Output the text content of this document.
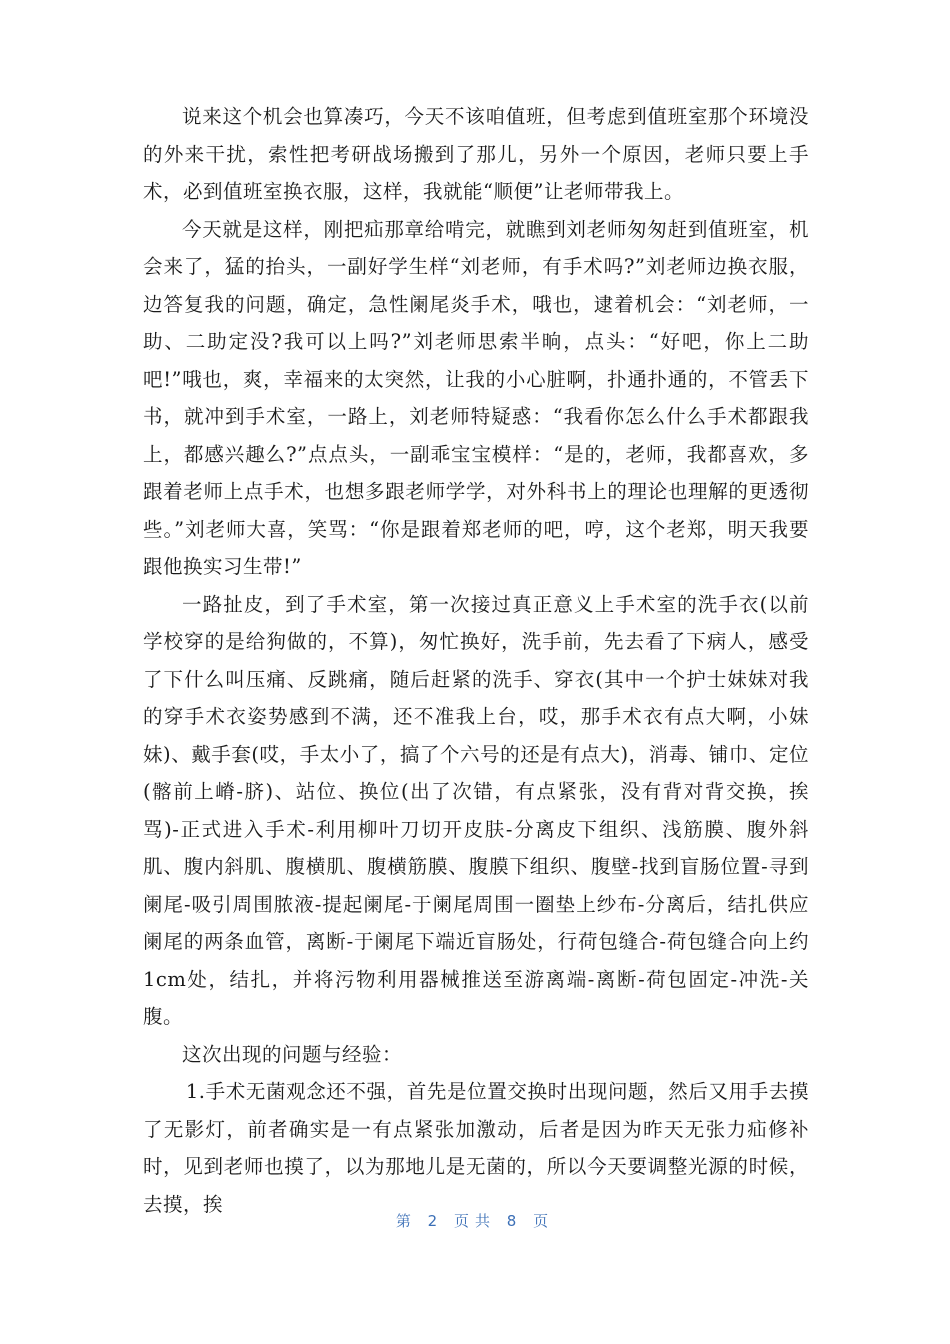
说来这个机会也算凑巧，今天不该咱值班，但考虑到值班室那个环境没的外来干扰，索性把考研战场搬到了那儿，另外一个原因，老师只要上手术，必到值班室换衣服，这样，我就能“顺便”让老师带我上。

今天就是这样，刚把疝那章给啃完，就瞧到刘老师匆匆赶到值班室，机会来了，猛的抬头，一副好学生样“刘老师，有手术吗?”刘老师边换衣服，边答复我的问题，确定，急性阑尾炎手术，哦也，逮着机会：“刘老师，一助、二助定没?我可以上吗?”刘老师思索半晌，点头：“好吧，你上二助吧!”哦也，爽，幸福来的太突然，让我的小心脏啊，扑通扑通的，不管丢下书，就冲到手术室，一路上，刘老师特疑惑：“我看你怎么什么手术都跟我上，都感兴趣么?”点点头，一副乖宝宝模样：“是的，老师，我都喜欢，多跟着老师上点手术，也想多跟老师学学，对外科书上的理论也理解的更透彻些。”刘老师大喜，笑骂：“你是跟着郑老师的吧，哼，这个老郑，明天我要跟他换实习生带!”

一路扯皮，到了手术室，第一次接过真正意义上手术室的洗手衣(以前学校穿的是给狗做的，不算)，匆忙换好，洗手前，先去看了下病人，感受了下什么叫压痛、反跳痛，随后赶紧的洗手、穿衣(其中一个护士妹妹对我的穿手术衣姿势感到不满，还不准我上台，哎，那手术衣有点大啊，小妹妹)、戴手套(哎，手太小了，搞了个六号的还是有点大)，消毒、铺巾、定位(髂前上嵴-脐)、站位、换位(出了次错，有点紧张，没有背对背交换，挨骂)-正式进入手术-利用柳叶刀切开皮肤-分离皮下组织、浅筋膜、腹外斜肌、腹内斜肌、腹横肌、腹横筋膜、腹膜下组织、腹壁-找到盲肠位置-寻到阑尾-吸引周围脓液-提起阑尾-于阑尾周围一圈垫上纱布-分离后，结扎供应阑尾的两条血管，离断-于阑尾下端近盲肠处，行荷包缝合-荷包缝合向上约1cm处，结扎，并将污物利用器械推送至游离端-离断-荷包固定-冲洗-关腹。

这次出现的问题与经验：

1.手术无菌观念还不强，首先是位置交换时出现问题，然后又用手去摸了无影灯，前者确实是一有点紧张加激动，后者是因为昨天无张力疝修补时，见到老师也摸了，以为那地儿是无菌的，所以今天要调整光源的时候，去摸，挨

第 2 页共 8 页
